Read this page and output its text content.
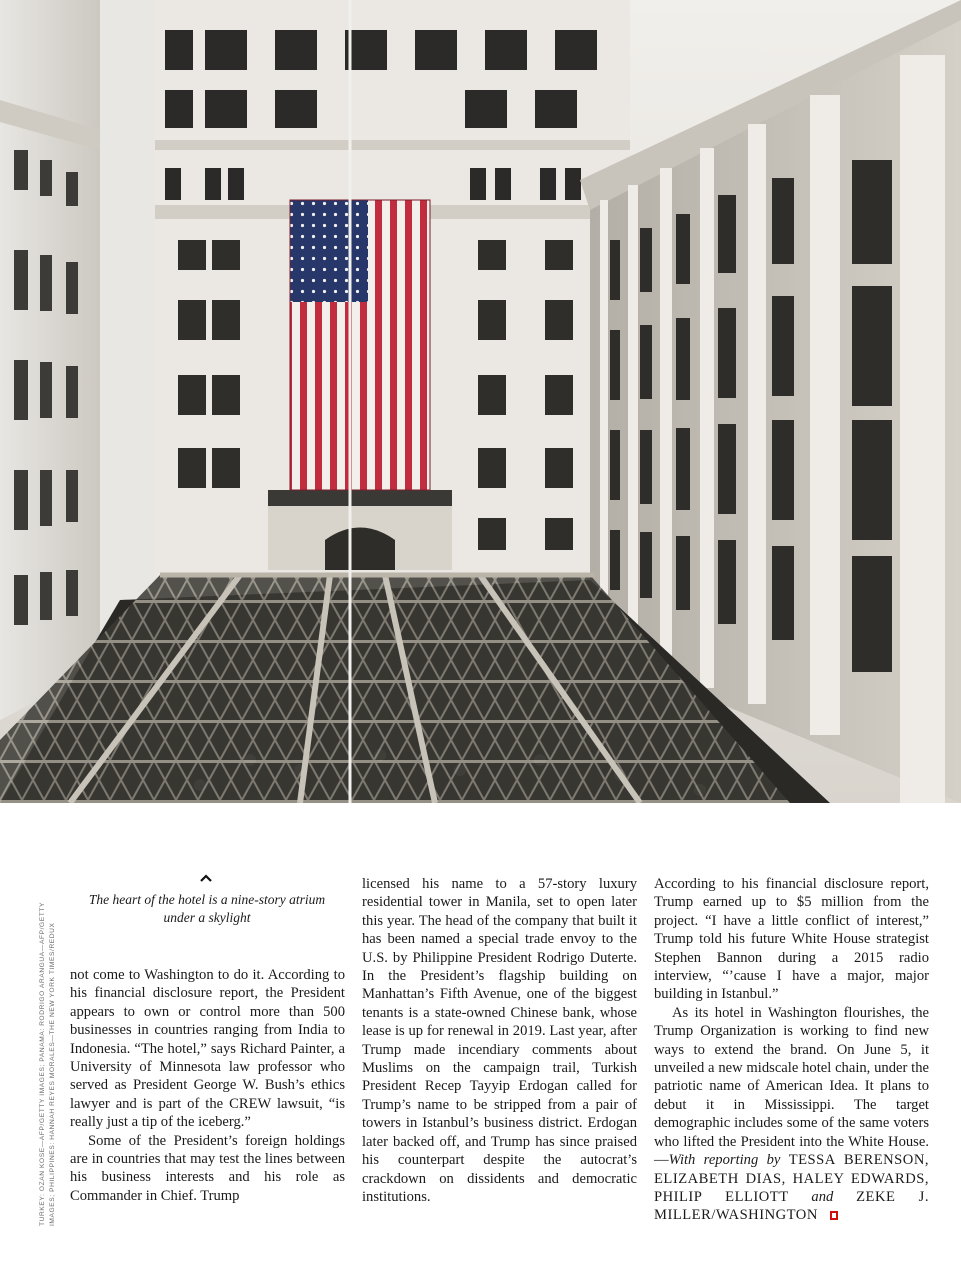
TURKEY: OZAN KOSE—AFP/GETTY IMAGES; PANAMA: RODRIGO ARANGUA—AFP/GETTY IMAGES; PHILIPPINES: HANNAH REYES MORALES—THE NEW YORK TIMES/REDUX
The heart of the hotel is a nine-story atrium under a skylight

not come to Washington to do it. According to his financial disclosure report, the President appears to own or control more than 500 businesses in countries ranging from India to Indonesia. “The hotel,” says Richard Painter, a University of Minnesota law professor who served as President George W. Bush’s ethics lawyer and is part of the CREW lawsuit, “is really just a tip of the iceberg.”

Some of the President’s foreign holdings are in countries that may test the lines between his business interests and his role as Commander in Chief. Trump

licensed his name to a 57-story luxury residential tower in Manila, set to open later this year. The head of the company that built it has been named a special trade envoy to the U.S. by Philippine President Rodrigo Duterte. In the President’s flagship building on Manhattan’s Fifth Avenue, one of the biggest tenants is a state-owned Chinese bank, whose lease is up for renewal in 2019. Last year, after Trump made incendiary comments about Muslims on the campaign trail, Turkish President Recep Tayyip Erdogan called for Trump’s name to be stripped from a pair of towers in Istanbul’s business district. Erdogan later backed off, and Trump has since praised his counterpart despite the autocrat’s crackdown on dissidents and democratic institutions.

According to his financial disclosure report, Trump earned up to $5 million from the project. “I have a little conflict of interest,” Trump told his future White House strategist Stephen Bannon during a 2015 radio interview, “’cause I have a major, major building in Istanbul.”

As its hotel in Washington flourishes, the Trump Organization is working to find new ways to extend the brand. On June 5, it unveiled a new midscale hotel chain, under the patriotic name of American Idea. It plans to debut it in Mississippi. The target demographic includes some of the same voters who lifted the President into the White House. —With reporting by TESSA BERENSON, ELIZABETH DIAS, HALEY EDWARDS, PHILIP ELLIOTT and ZEKE J. MILLER/WASHINGTON
